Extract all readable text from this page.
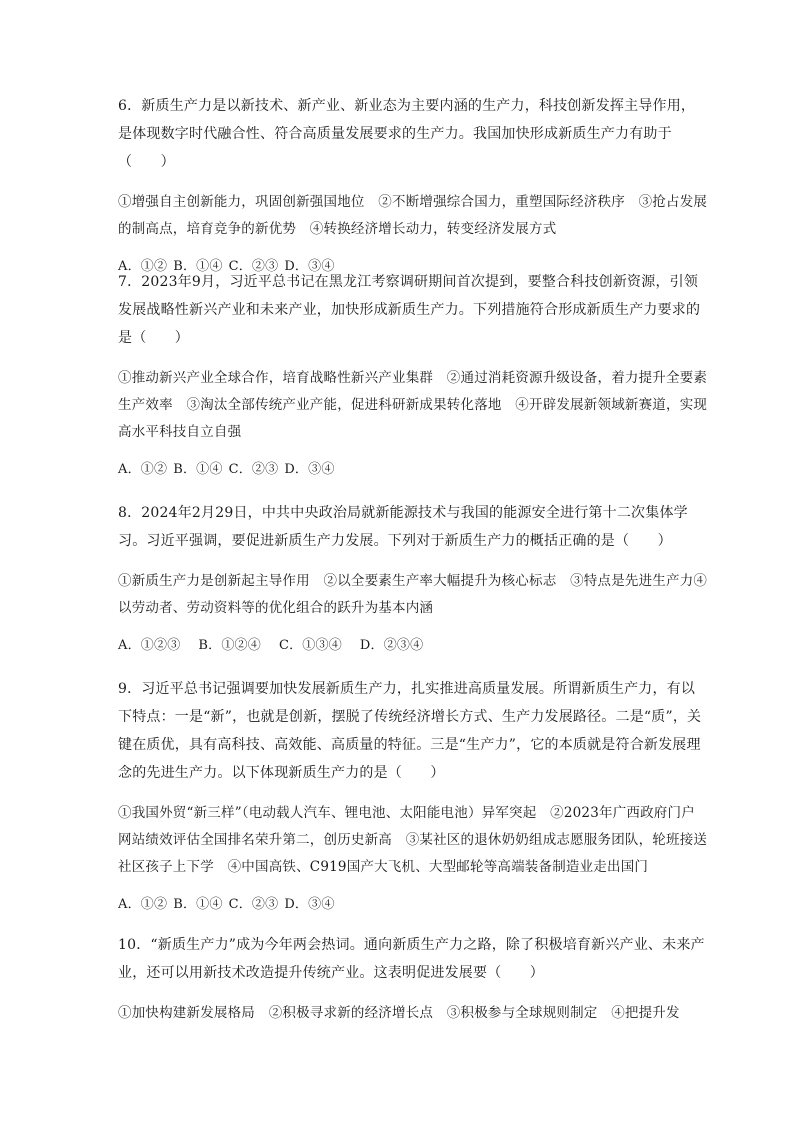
6．新质生产力是以新技术、新产业、新业态为主要内涵的生产力，科技创新发挥主导作用，是体现数字时代融合性、符合高质量发展要求的生产力。我国加快形成新质生产力有助于（　　）
①增强自主创新能力，巩固创新强国地位　②不断增强综合国力，重塑国际经济秩序　③抢占发展的制高点，培育竞争的新优势　④转换经济增长动力，转变经济发展方式
A．①② B．①④ C．②③ D．③④
7．2023年9月，习近平总书记在黑龙江考察调研期间首次提到，要整合科技创新资源，引领发展战略性新兴产业和未来产业，加快形成新质生产力。下列措施符合形成新质生产力要求的是（　　）
①推动新兴产业全球合作，培育战略性新兴产业集群　②通过消耗资源升级设备，着力提升全要素生产效率　③淘汰全部传统产业产能，促进科研新成果转化落地　④开辟发展新领域新赛道，实现高水平科技自立自强
A．①② B．①④ C．②③ D．③④
8．2024年2月29日，中共中央政治局就新能源技术与我国的能源安全进行第十二次集体学习。习近平强调，要促进新质生产力发展。下列对于新质生产力的概括正确的是（　　）
①新质生产力是创新起主导作用　②以全要素生产率大幅提升为核心标志　③特点是先进生产力④以劳动者、劳动资料等的优化组合的跃升为基本内涵
A．①②③ B．①②④ C．①③④ D．②③④
9．习近平总书记强调要加快发展新质生产力，扎实推进高质量发展。所谓新质生产力，有以下特点：一是“新”，也就是创新，摆脱了传统经济增长方式、生产力发展路径。二是“质”，关键在质优，具有高科技、高效能、高质量的特征。三是“生产力”，它的本质就是符合新发展理念的先进生产力。以下体现新质生产力的是（　　）
①我国外贸“新三样”（电动载人汽车、锂电池、太阳能电池）异军突起　②2023年广西政府门户网站绩效评估全国排名荣升第二，创历史新高　③某社区的退休奶奶组成志愿服务团队，轮班接送社区孩子上下学　④中国高铁、C919国产大飞机、大型邮轮等高端装备制造业走出国门
A．①② B．①④ C．②③ D．③④
10．“新质生产力”成为今年两会热词。通向新质生产力之路，除了积极培育新兴产业、未来产业，还可以用新技术改造提升传统产业。这表明促进发展要（　　）
①加快构建新发展格局　②积极寻求新的经济增长点　③积极参与全球规则制定　④把提升发
